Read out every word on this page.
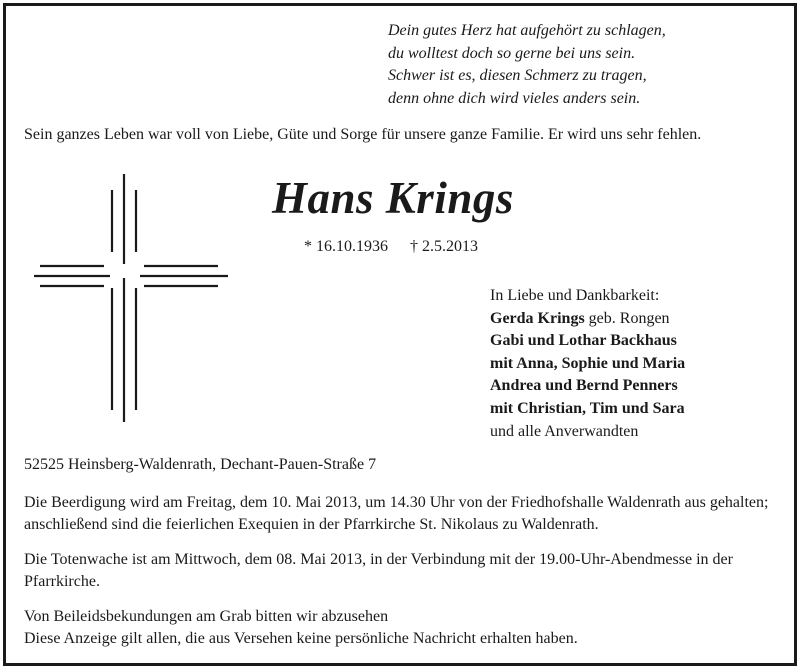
Dein gutes Herz hat aufgehört zu schlagen,
du wolltest doch so gerne bei uns sein.
Schwer ist es, diesen Schmerz zu tragen,
denn ohne dich wird vieles anders sein.
Sein ganzes Leben war voll von Liebe, Güte und Sorge für unsere ganze Familie. Er wird uns sehr fehlen.
Hans Krings
* 16.10.1936 † 2.5.2013
In Liebe und Dankbarkeit:
Gerda Krings geb. Rongen
Gabi und Lothar Backhaus
mit Anna, Sophie und Maria
Andrea und Bernd Penners
mit Christian, Tim und Sara
und alle Anverwandten
52525 Heinsberg-Waldenrath, Dechant-Pauen-Straße 7
Die Beerdigung wird am Freitag, dem 10. Mai 2013, um 14.30 Uhr von der Friedhofshalle Waldenrath aus gehalten; anschließend sind die feierlichen Exequien in der Pfarrkirche St. Nikolaus zu Waldenrath.
Die Totenwache ist am Mittwoch, dem 08. Mai 2013, in der Verbindung mit der 19.00-Uhr-Abendmesse in der Pfarrkirche.
Von Beileidsbekundungen am Grab bitten wir abzusehen
Diese Anzeige gilt allen, die aus Versehen keine persönliche Nachricht erhalten haben.
